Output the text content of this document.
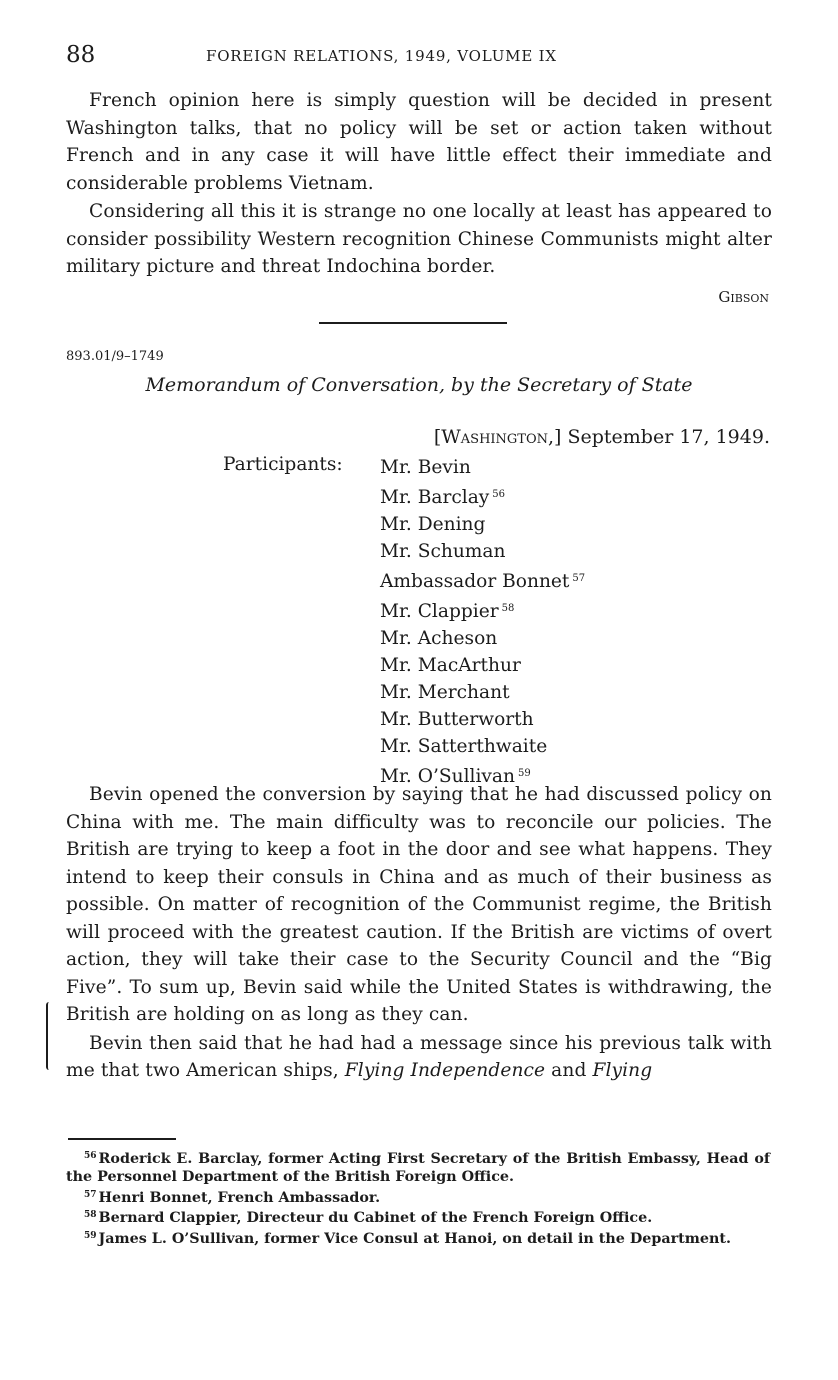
88	FOREIGN RELATIONS, 1949, VOLUME IX

French opinion here is simply question will be decided in present Washington talks, that no policy will be set or action taken without French and in any case it will have little effect their immediate and considerable problems Vietnam.

Considering all this it is strange no one locally at least has appeared to consider possibility Western recognition Chinese Communists might alter military picture and threat Indochina border.

Gibson
893.01/9–1749
Memorandum of Conversation, by the Secretary of State
[Washington,] September 17, 1949.
Participants: Mr. Bevin
Mr. Barclay $^{56}$
Mr. Dening
Mr. Schuman
Ambassador Bonnet $^{57}$
Mr. Clappier $^{58}$
Mr. Acheson
Mr. MacArthur
Mr. Merchant
Mr. Butterworth
Mr. Satterthwaite
Mr. O’Sullivan $^{59}$

Bevin opened the conversion by saying that he had discussed policy on China with me. The main difficulty was to reconcile our policies. The British are trying to keep a foot in the door and see what happens. They intend to keep their consuls in China and as much of their business as possible. On matter of recognition of the Communist regime, the British will proceed with the greatest caution. If the British are victims of overt action, they will take their case to the Security Council and the “Big Five”. To sum up, Bevin said while the United States is withdrawing, the British are holding on as long as they can.

Bevin then said that he had had a message since his previous talk with me that two American ships, Flying Independence and Flying

$^{56}$ Roderick E. Barclay, former Acting First Secretary of the British Embassy, Head of the Personnel Department of the British Foreign Office.

$^{57}$ Henri Bonnet, French Ambassador.

$^{58}$ Bernard Clappier, Directeur du Cabinet of the French Foreign Office.

$^{59}$ James L. O’Sullivan, former Vice Consul at Hanoi, on detail in the Department.
